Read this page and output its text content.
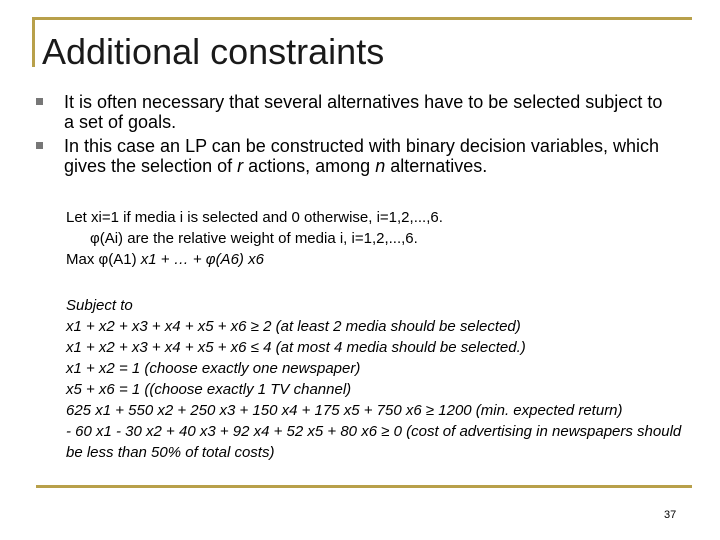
Additional constraints
It is often necessary that several alternatives have to be selected subject to a set of goals.
In this case an LP can be constructed with binary decision variables, which gives the selection of r actions, among n alternatives.
Let xi=1 if media i is selected and 0 otherwise, i=1,2,...,6.
φ(Ai) are the relative weight of media i, i=1,2,...,6.
Max φ(A1) x1 + … + φ(A6) x6
Subject to
x1 + x2 + x3 + x4 + x5 + x6 ≥ 2 (at least 2 media should be selected)
x1 + x2 + x3 + x4 + x5 + x6 ≤ 4 (at most 4 media should be selected.)
x1 + x2 = 1 (choose exactly one newspaper)
x5 + x6 = 1 ((choose exactly 1 TV channel)
625 x1 + 550 x2 + 250 x3 + 150 x4 + 175 x5 + 750 x6 ≥ 1200 (min. expected return)
- 60 x1 - 30 x2 + 40 x3 + 92 x4 + 52 x5 + 80 x6 ≥ 0 (cost of advertising in newspapers should be less than 50% of total costs)
37
